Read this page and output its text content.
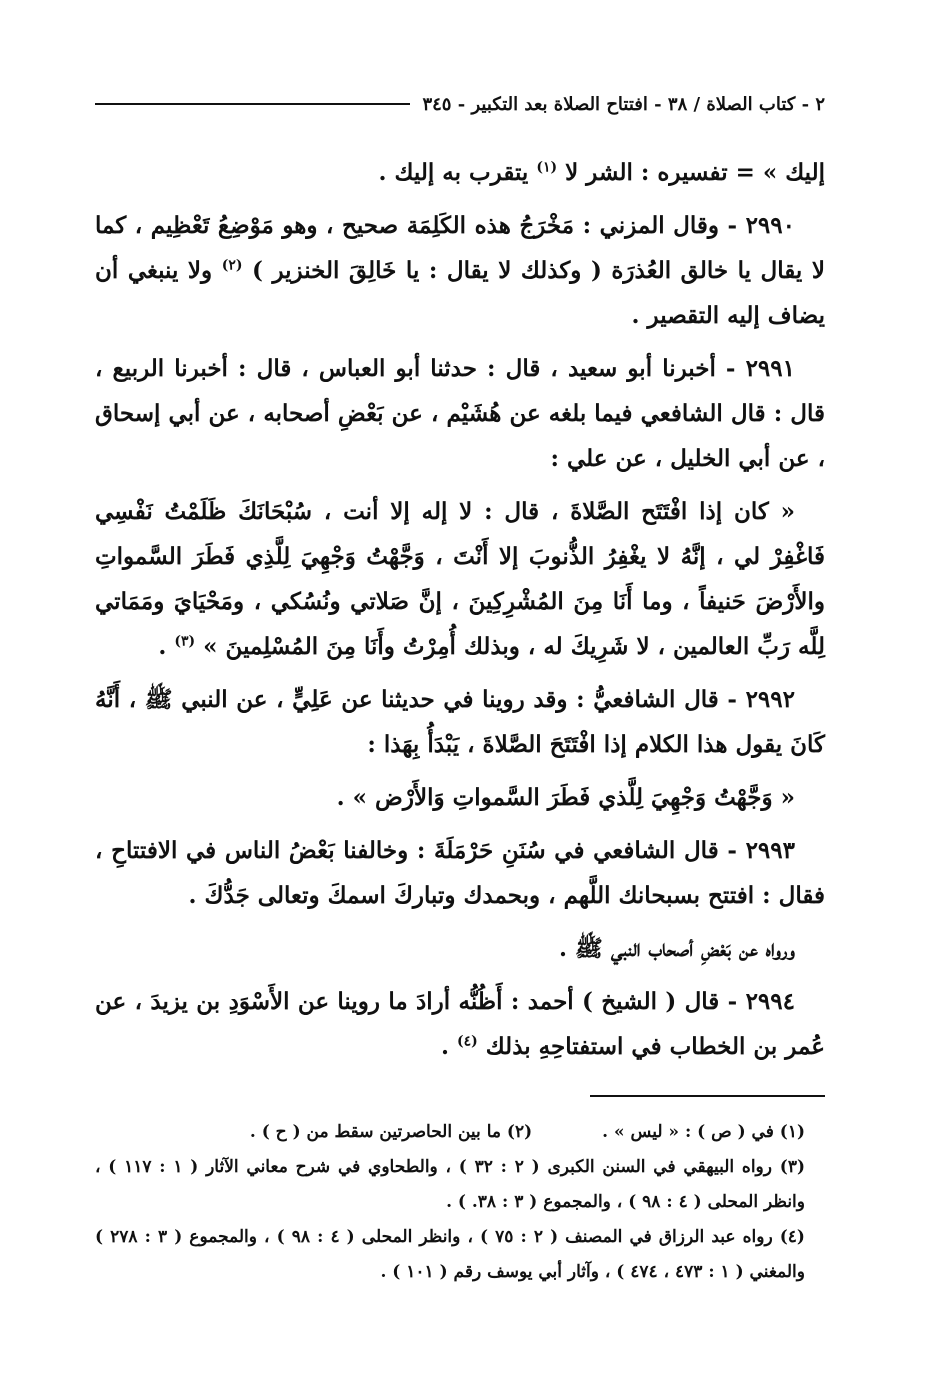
٢ - كتاب الصلاة / ٣٨ - افتتاح الصلاة بعد التكبير - ٣٤٥

إليك » = تفسيره : الشر لا $^{(١)}$ يتقرب به إليك .

٢٩٩٠ - وقال المزني : مَخْرَجُ هذه الكَلِمَة صحيح ، وهو مَوْضِعُ تَعْظِيم ، كما لا يقال يا خالق العُذرَة ( وكذلك لا يقال : يا خَالِقَ الخنزير ) $^{(٢)}$ ولا ينبغي أن يضاف إليه التقصير .

٢٩٩١ - أخبرنا أبو سعيد ، قال : حدثنا أبو العباس ، قال : أخبرنا الربيع ، قال : قال الشافعي فيما بلغه عن هُشَيْم ، عن بَعْضِ أصحابه ، عن أبي إسحاق ، عن أبي الخليل ، عن علي :

« كان إذا افْتَتَح الصَّلاةَ ، قال : لا إله إلا أنت ، سُبْحَانَكَ ظَلَمْتُ نَفْسِي فَاغْفِرْ لي ، إنَّهُ لا يغْفِرُ الذُّنوبَ إلا أَنْتَ ، وَجَّهْتُ وَجْهِيَ لِلَّذِي فَطَرَ السَّمواتِ والأَرْضَ حَنيفاً ، وما أَنَا مِنَ المُشْرِكِينَ ، إنَّ صَلاتي ونُسُكي ، ومَحْيَايَ ومَمَاتي لِلَّه رَبِّ العالمين ، لا شَرِيكَ له ، وبذلك أُمِرْتُ وأَنَا مِنَ المُسْلِمينَ » $^{(٣)}$ .

٢٩٩٢ - قال الشافعيُّ : وقد روينا في حديثنا عن عَلِيٍّ ، عن النبي ﷺ ، أَنَّهُ كَانَ يقول هذا الكلام إذا افْتَتَحَ الصَّلاةَ ، يَبْدَأُ بِهَذا :

« وَجَّهْتُ وَجْهِيَ لِلَّذي فَطَرَ السَّمواتِ وَالأَرْض » .

٢٩٩٣ - قال الشافعي في سُنَنِ حَرْمَلَةَ : وخالفنا بَعْضُ الناس في الافتتاحِ ، فقال : افتتح بسبحانك اللَّهم ، وبحمدك وتباركَ اسمكَ وتعالى جَدُّكَ .

ورواه عن بَعْضِ أصحاب النبي ﷺ .

٢٩٩٤ - قال ( الشيخ ) أحمد : أَظُنُّه أرادَ ما روينا عن الأَسْوَدِ بن يزيدَ ، عن عُمر بن الخطاب في استفتاحِهِ بذلك $^{(٤)}$ .

(١) في ( ص ) : « ليس » .
(٢) ما بين الحاصرتين سقط من ( ح ) .

(٣) رواه البيهقي في السنن الكبرى ( ٢ : ٣٢ ) ، والطحاوي في شرح معاني الآثار ( ١ : ١١٧ ) ، وانظر المحلى ( ٤ : ٩٨ ) ، والمجموع ( ٣ : ٣٨. ) .

(٤) رواه عبد الرزاق في المصنف ( ٢ : ٧٥ ) ، وانظر المحلى ( ٤ : ٩٨ ) ، والمجموع ( ٣ : ٢٧٨ ) والمغني ( ١ : ٤٧٣ ، ٤٧٤ ) ، وآثار أبي يوسف رقم ( ١٠١ ) .
